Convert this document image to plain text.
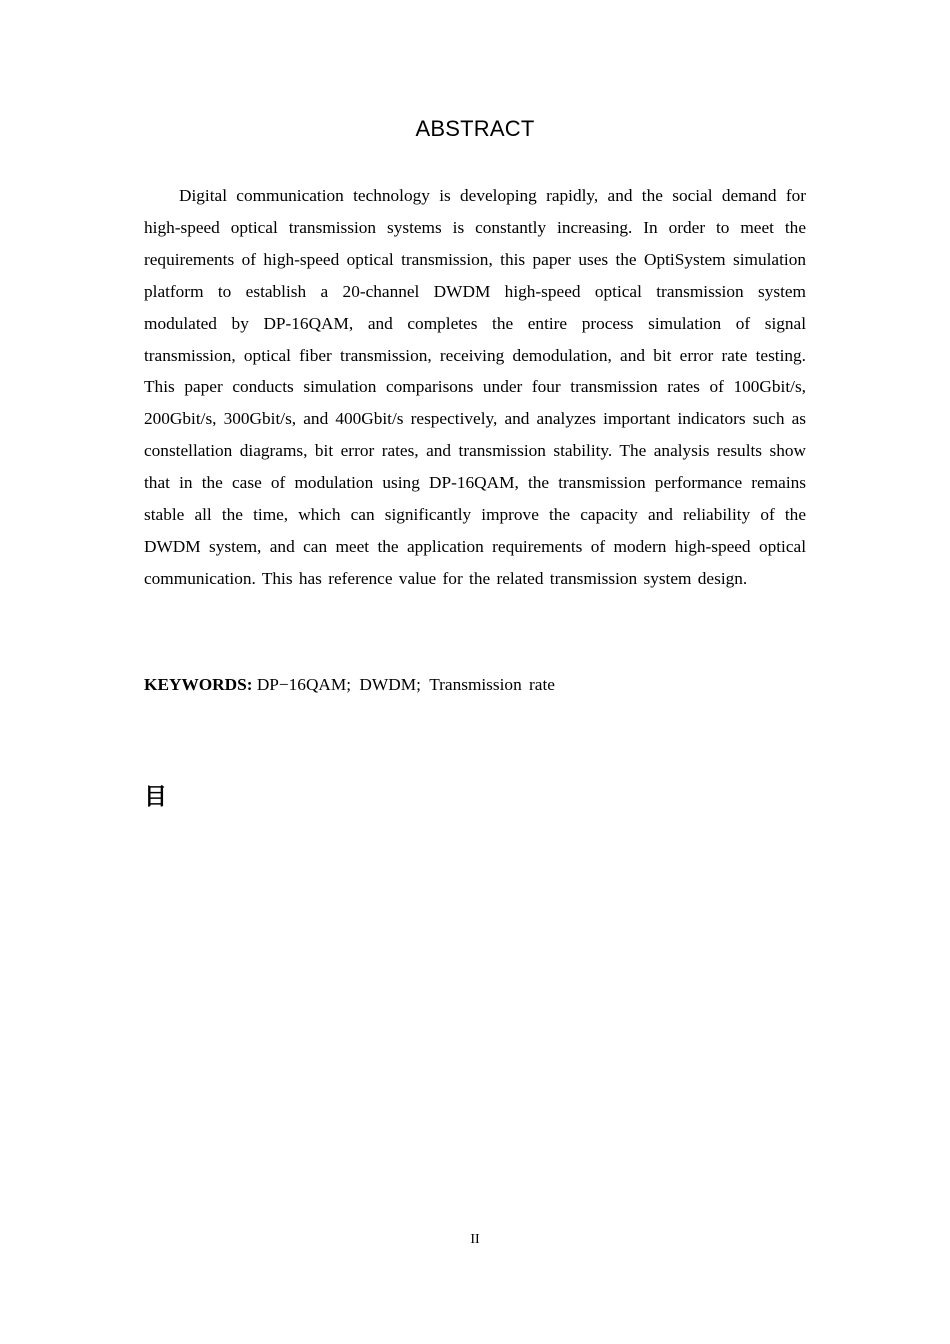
ABSTRACT

Digital communication technology is developing rapidly, and the social demand for high-speed optical transmission systems is constantly increasing. In order to meet the requirements of high-speed optical transmission, this paper uses the OptiSystem simulation platform to establish a 20-channel DWDM high-speed optical transmission system modulated by DP-16QAM, and completes the entire process simulation of signal transmission, optical fiber transmission, receiving demodulation, and bit error rate testing. This paper conducts simulation comparisons under four transmission rates of 100Gbit/s, 200Gbit/s, 300Gbit/s, and 400Gbit/s respectively, and analyzes important indicators such as constellation diagrams, bit error rates, and transmission stability. The analysis results show that in the case of modulation using DP-16QAM, the transmission performance remains stable all the time, which can significantly improve the capacity and reliability of the DWDM system, and can meet the application requirements of modern high-speed optical communication. This has reference value for the related transmission system design.

KEYWORDS: DP−16QAM; DWDM; Transmission rate
目
II
